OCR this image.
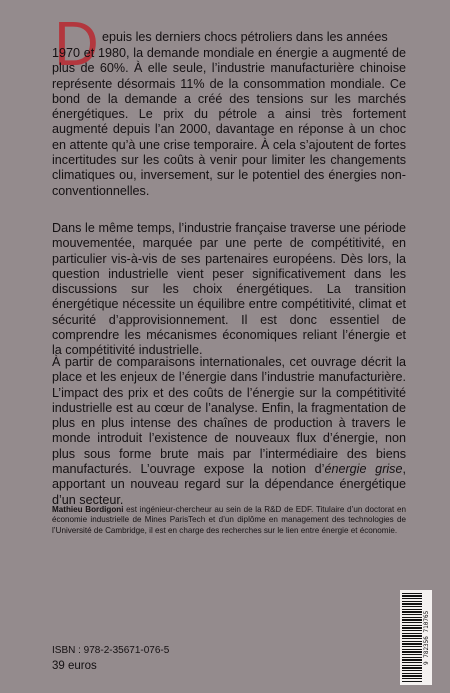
D epuis les derniers chocs pétroliers dans les années

1970 et 1980, la demande mondiale en énergie a augmenté de plus de 60%. À elle seule, l’industrie manufacturière chinoise représente désormais 11% de la consommation mondiale. Ce bond de la demande a créé des tensions sur les marchés énergétiques. Le prix du pétrole a ainsi très fortement augmenté depuis l’an 2000, davantage en réponse à un choc en attente qu’à une crise temporaire. À cela s’ajoutent de fortes incertitudes sur les coûts à venir pour limiter les changements climatiques ou, inversement, sur le potentiel des énergies non-conventionnelles.

Dans le même temps, l’industrie française traverse une période mouvementée, marquée par une perte de compétitivité, en particulier vis-à-vis de ses partenaires européens. Dès lors, la question industrielle vient peser significativement dans les discussions sur les choix énergétiques. La transition énergétique nécessite un équilibre entre compétitivité, climat et sécurité d’approvisionnement. Il est donc essentiel de comprendre les mécanismes économiques reliant l’énergie et la compétitivité industrielle.

À partir de comparaisons internationales, cet ouvrage décrit la place et les enjeux de l’énergie dans l’industrie manufacturière. L’impact des prix et des coûts de l’énergie sur la compétitivité industrielle est au cœur de l’analyse. Enfin, la fragmentation de plus en plus intense des chaînes de production à travers le monde introduit l’existence de nouveaux flux d’énergie, non plus sous forme brute mais par l’intermédiaire des biens manufacturés. L’ouvrage expose la notion d’énergie grise, apportant un nouveau regard sur la dépendance énergétique d’un secteur.

Mathieu Bordigoni est ingénieur-chercheur au sein de la R&D de EDF. Titulaire d’un doctorat en économie industrielle de Mines ParisTech et d’un diplôme en management des technologies de l’Université de Cambridge, il est en charge des recherches sur le lien entre énergie et économie.
ISBN : 978-2-35671-076-5
39 euros
9 782356 710765
